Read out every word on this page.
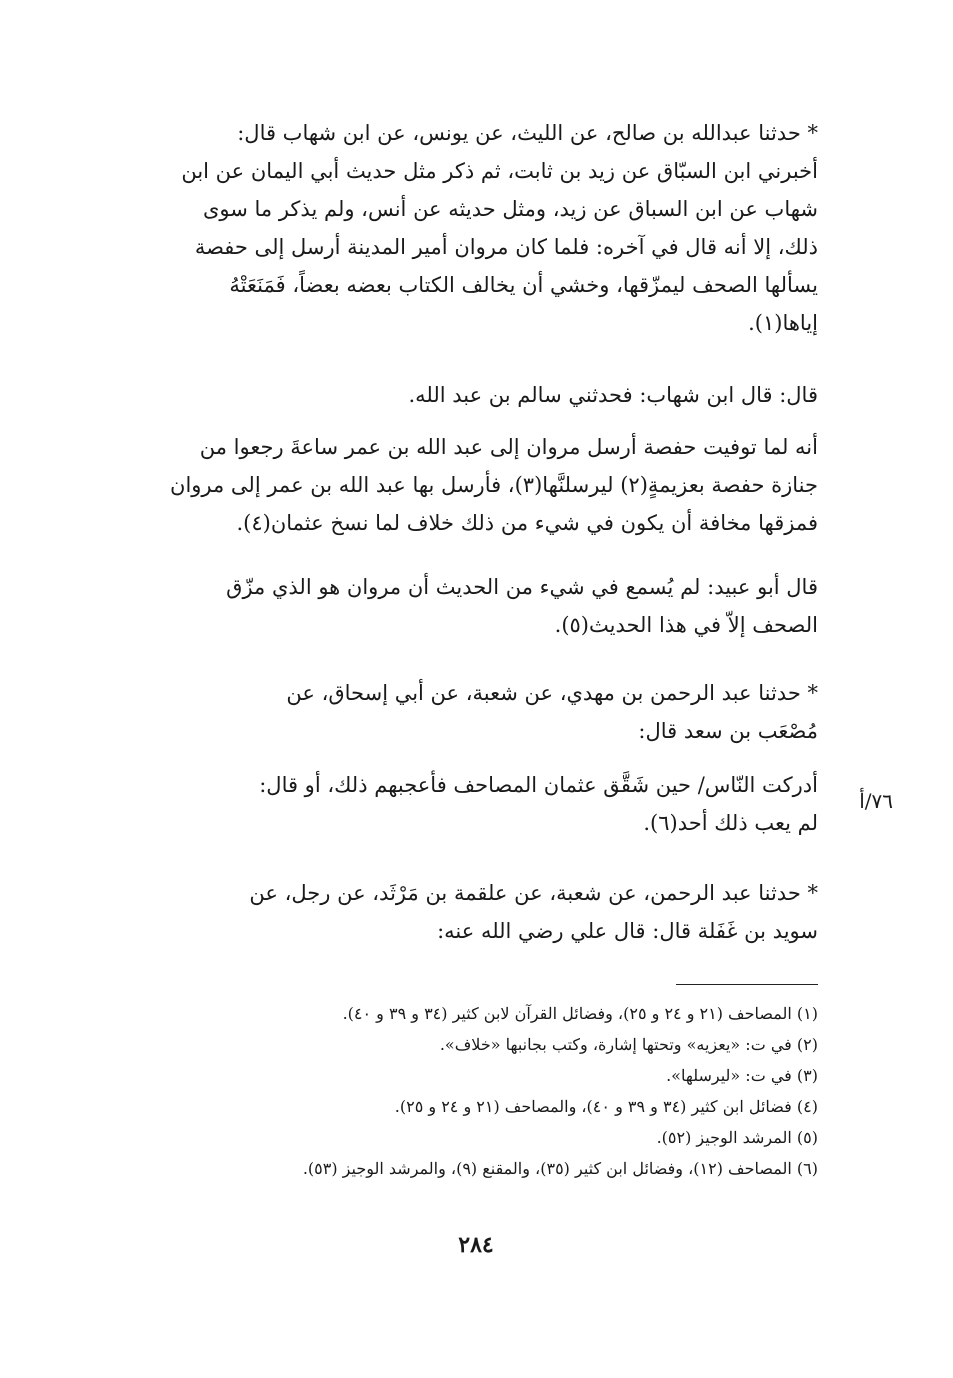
* حدثنا عبدالله بن صالح، عن الليث، عن يونس، عن ابن شهاب قال:
أخبرني ابن السبّاق عن زيد بن ثابت، ثم ذكر مثل حديث أبي اليمان عن ابن
شهاب عن ابن السباق عن زيد، ومثل حديثه عن أنس، ولم يذكر ما سوى
ذلك، إلا أنه قال في آخره: فلما كان مروان أمير المدينة أرسل إلى حفصة
يسألها الصحف ليمزّقها، وخشي أن يخالف الكتاب بعضه بعضاً، فَمَنَعَتْهُ
إياها(١).
قال: قال ابن شهاب: فحدثني سالم بن عبد الله.
أنه لما توفيت حفصة أرسل مروان إلى عبد الله بن عمر ساعةَ رجعوا من
جنازة حفصة بعزيمةٍ(٢) ليرسلنَّها(٣)، فأرسل بها عبد الله بن عمر إلى مروان
فمزقها مخافة أن يكون في شيء من ذلك خلاف لما نسخ عثمان(٤).
قال أبو عبيد: لم يُسمع في شيء من الحديث أن مروان هو الذي مزّق
الصحف إلاّ في هذا الحديث(٥).
* حدثنا عبد الرحمن بن مهدي، عن شعبة، عن أبي إسحاق، عن
مُصْعَب بن سعد قال:
أدركت النّاس/ حين شَقَّق عثمان المصاحف فأعجبهم ذلك، أو قال:
لم يعب ذلك أحد(٦).
٧٦/أ
* حدثنا عبد الرحمن، عن شعبة، عن علقمة بن مَرْثَد، عن رجل، عن
سويد بن غَفَلة قال: قال علي رضي الله عنه:
(١) المصاحف (٢١ و ٢٤ و ٢٥)، وفضائل القرآن لابن كثير (٣٤ و ٣٩ و ٤٠).
(٢) في ت: «يعزيه» وتحتها إشارة، وكتب بجانبها «خلاف».
(٣) في ت: «ليرسلها».
(٤) فضائل ابن كثير (٣٤ و ٣٩ و ٤٠)، والمصاحف (٢١ و ٢٤ و ٢٥).
(٥) المرشد الوجيز (٥٢).
(٦) المصاحف (١٢)، وفضائل ابن كثير (٣٥)، والمقنع (٩)، والمرشد الوجيز (٥٣).
٢٨٤
